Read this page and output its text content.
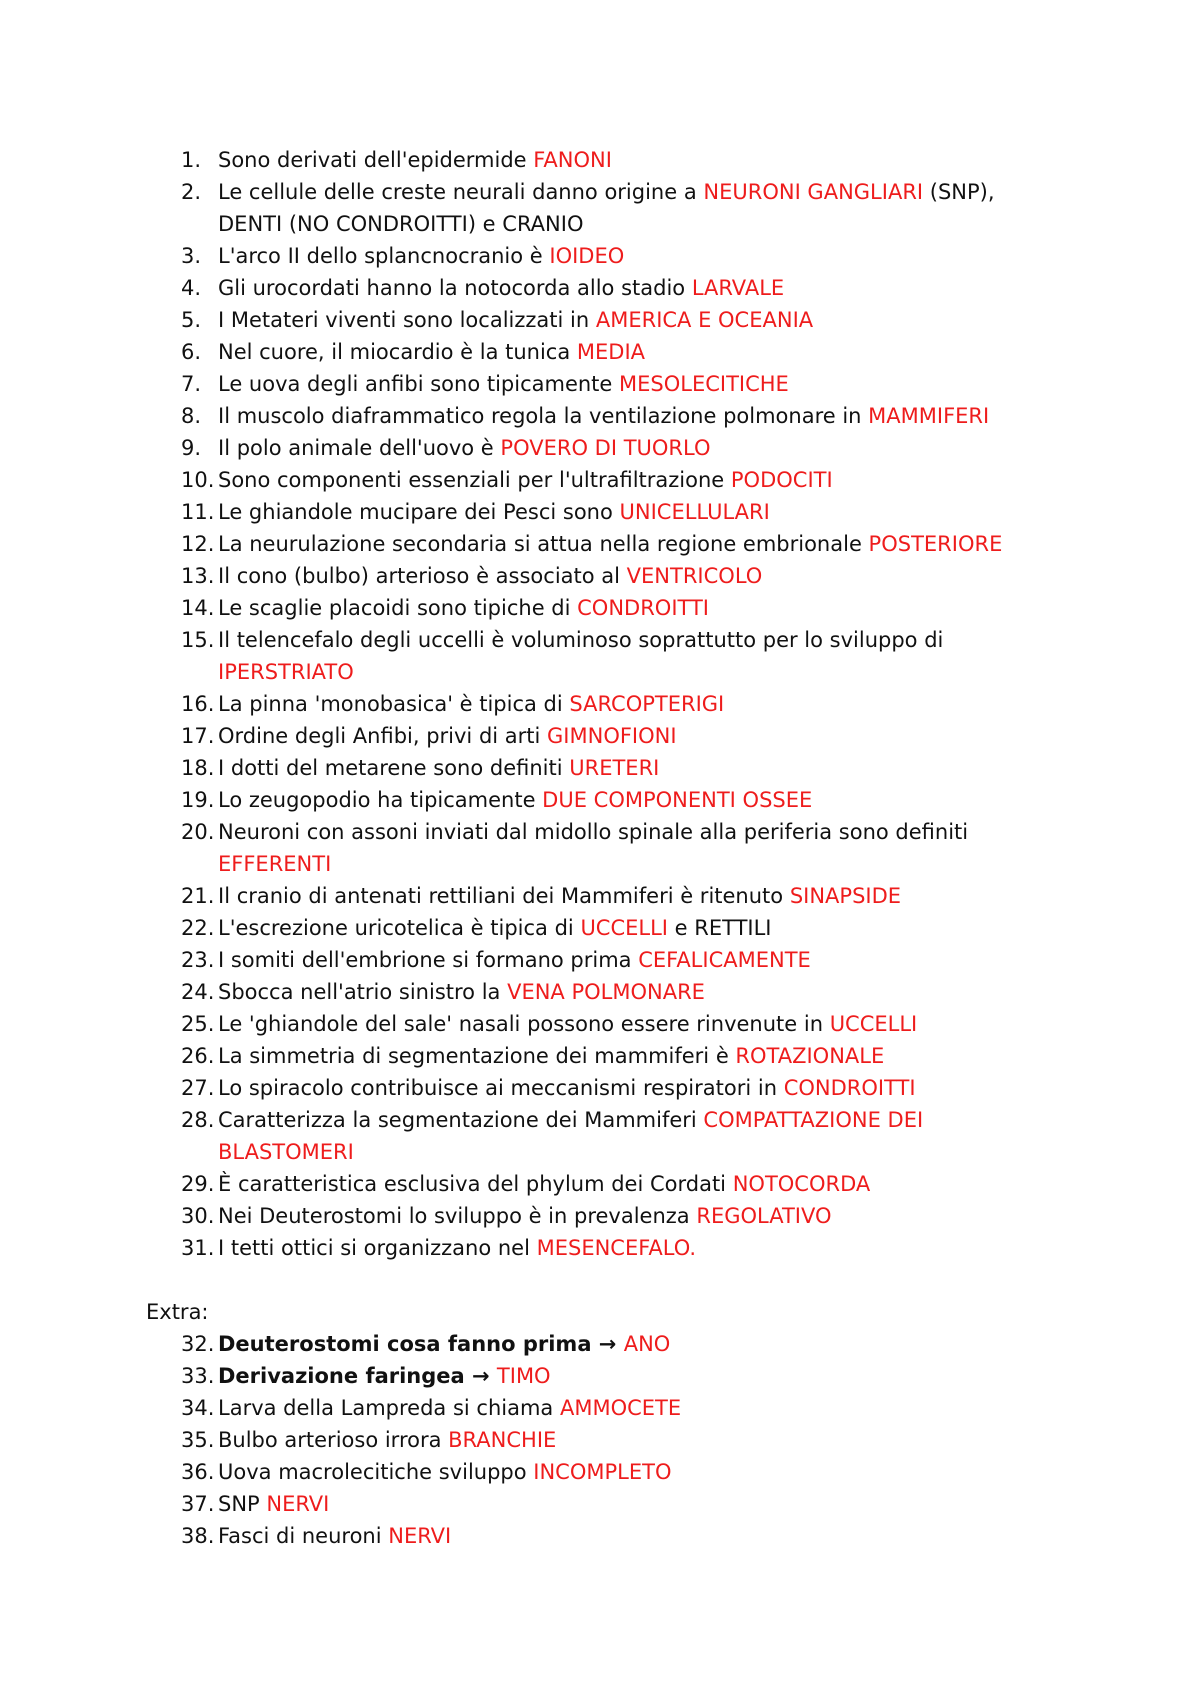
1. Sono derivati dell'epidermide FANONI
2. Le cellule delle creste neurali danno origine a NEURONI GANGLIARI (SNP), DENTI (NO CONDROITTI) e CRANIO
3. L'arco II dello splancnocranio è IOIDEO
4. Gli urocordati hanno la notocorda allo stadio LARVALE
5. I Metateri viventi sono localizzati in AMERICA E OCEANIA
6. Nel cuore, il miocardio è la tunica MEDIA
7. Le uova degli anfibi sono tipicamente MESOLECITICHE
8. Il muscolo diaframmatico regola la ventilazione polmonare in MAMMIFERI
9. Il polo animale dell'uovo è POVERO DI TUORLO
10. Sono componenti essenziali per l'ultrafiltrazione PODOCITI
11. Le ghiandole mucipare dei Pesci sono UNICELLULARI
12. La neurulazione secondaria si attua nella regione embrionale POSTERIORE
13. Il cono (bulbo) arterioso è associato al VENTRICOLO
14. Le scaglie placoidi sono tipiche di CONDROITTI
15. Il telencefalo degli uccelli è voluminoso soprattutto per lo sviluppo di IPERSTRIATO
16. La pinna 'monobasica' è tipica di SARCOPTERIGI
17. Ordine degli Anfibi, privi di arti GIMNOFIONI
18. I dotti del metarene sono definiti URETERI
19. Lo zeugopodio ha tipicamente DUE COMPONENTI OSSEE
20. Neuroni con assoni inviati dal midollo spinale alla periferia sono definiti EFFERENTI
21. Il cranio di antenati rettiliani dei Mammiferi è ritenuto SINAPSIDE
22. L'escrezione uricotelica è tipica di UCCELLI e RETTILI
23. I somiti dell'embrione si formano prima CEFALICAMENTE
24. Sbocca nell'atrio sinistro la VENA POLMONARE
25. Le 'ghiandole del sale' nasali possono essere rinvenute in UCCELLI
26. La simmetria di segmentazione dei mammiferi è ROTAZIONALE
27. Lo spiracolo contribuisce ai meccanismi respiratori in CONDROITTI
28. Caratterizza la segmentazione dei Mammiferi COMPATTAZIONE DEI BLASTOMERI
29. È caratteristica esclusiva del phylum dei Cordati NOTOCORDA
30. Nei Deuterostomi lo sviluppo è in prevalenza REGOLATIVO
31. I tetti ottici si organizzano nel MESENCEFALO.
Extra:
32. Deuterostomi cosa fanno prima → ANO
33. Derivazione faringea → TIMO
34. Larva della Lampreda si chiama AMMOCETE
35. Bulbo arterioso irrora BRANCHIE
36. Uova macrolecitiche sviluppo INCOMPLETO
37. SNP NERVI
38. Fasci di neuroni NERVI
